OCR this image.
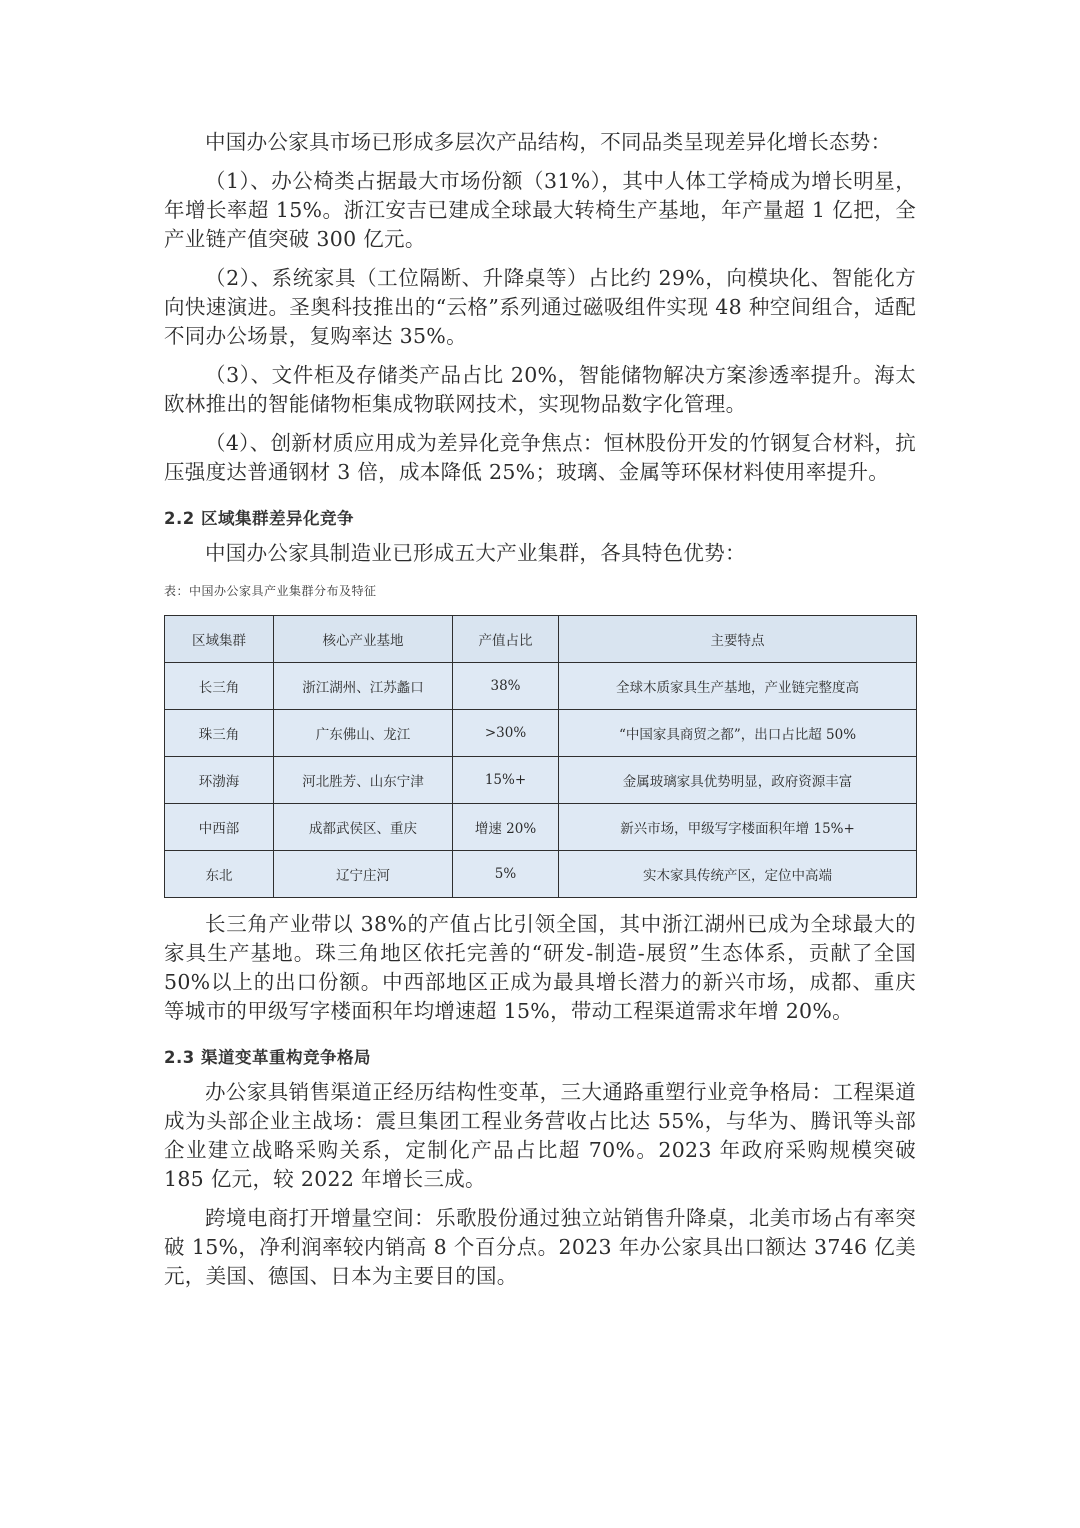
中国办公家具市场已形成多层次产品结构，不同品类呈现差异化增长态势：

（1）、办公椅类占据最大市场份额（31%），其中人体工学椅成为增长明星，年增长率超 15%。浙江安吉已建成全球最大转椅生产基地，年产量超 1 亿把，全产业链产值突破 300 亿元。

（2）、系统家具（工位隔断、升降桌等）占比约 29%，向模块化、智能化方向快速演进。圣奥科技推出的“云格”系列通过磁吸组件实现 48 种空间组合，适配不同办公场景，复购率达 35%。

（3）、文件柜及存储类产品占比 20%，智能储物解决方案渗透率提升。海太欧林推出的智能储物柜集成物联网技术，实现物品数字化管理。

（4）、创新材质应用成为差异化竞争焦点：恒林股份开发的竹钢复合材料，抗压强度达普通钢材 3 倍，成本降低 25%；玻璃、金属等环保材料使用率提升。

2.2 区域集群差异化竞争

中国办公家具制造业已形成五大产业集群，各具特色优势：

表：中国办公家具产业集群分布及特征
区域集群	核心产业基地	产值占比	主要特点
长三角	浙江湖州、江苏蠡口	38%	全球木质家具生产基地，产业链完整度高
珠三角	广东佛山、龙江	>30%	“中国家具商贸之都”，出口占比超 50%
环渤海	河北胜芳、山东宁津	15%+	金属玻璃家具优势明显，政府资源丰富
中西部	成都武侯区、重庆	增速 20%	新兴市场，甲级写字楼面积年增 15%+
东北	辽宁庄河	5%	实木家具传统产区，定位中高端

长三角产业带以 38%的产值占比引领全国，其中浙江湖州已成为全球最大的家具生产基地。珠三角地区依托完善的“研发-制造-展贸”生态体系，贡献了全国 50%以上的出口份额。中西部地区正成为最具增长潜力的新兴市场，成都、重庆等城市的甲级写字楼面积年均增速超 15%，带动工程渠道需求年增 20%。

2.3 渠道变革重构竞争格局

办公家具销售渠道正经历结构性变革，三大通路重塑行业竞争格局：工程渠道成为头部企业主战场：震旦集团工程业务营收占比达 55%，与华为、腾讯等头部企业建立战略采购关系，定制化产品占比超 70%。2023 年政府采购规模突破 185 亿元，较 2022 年增长三成。

跨境电商打开增量空间：乐歌股份通过独立站销售升降桌，北美市场占有率突破 15%，净利润率较内销高 8 个百分点。2023 年办公家具出口额达 3746 亿美元，美国、德国、日本为主要目的国。
